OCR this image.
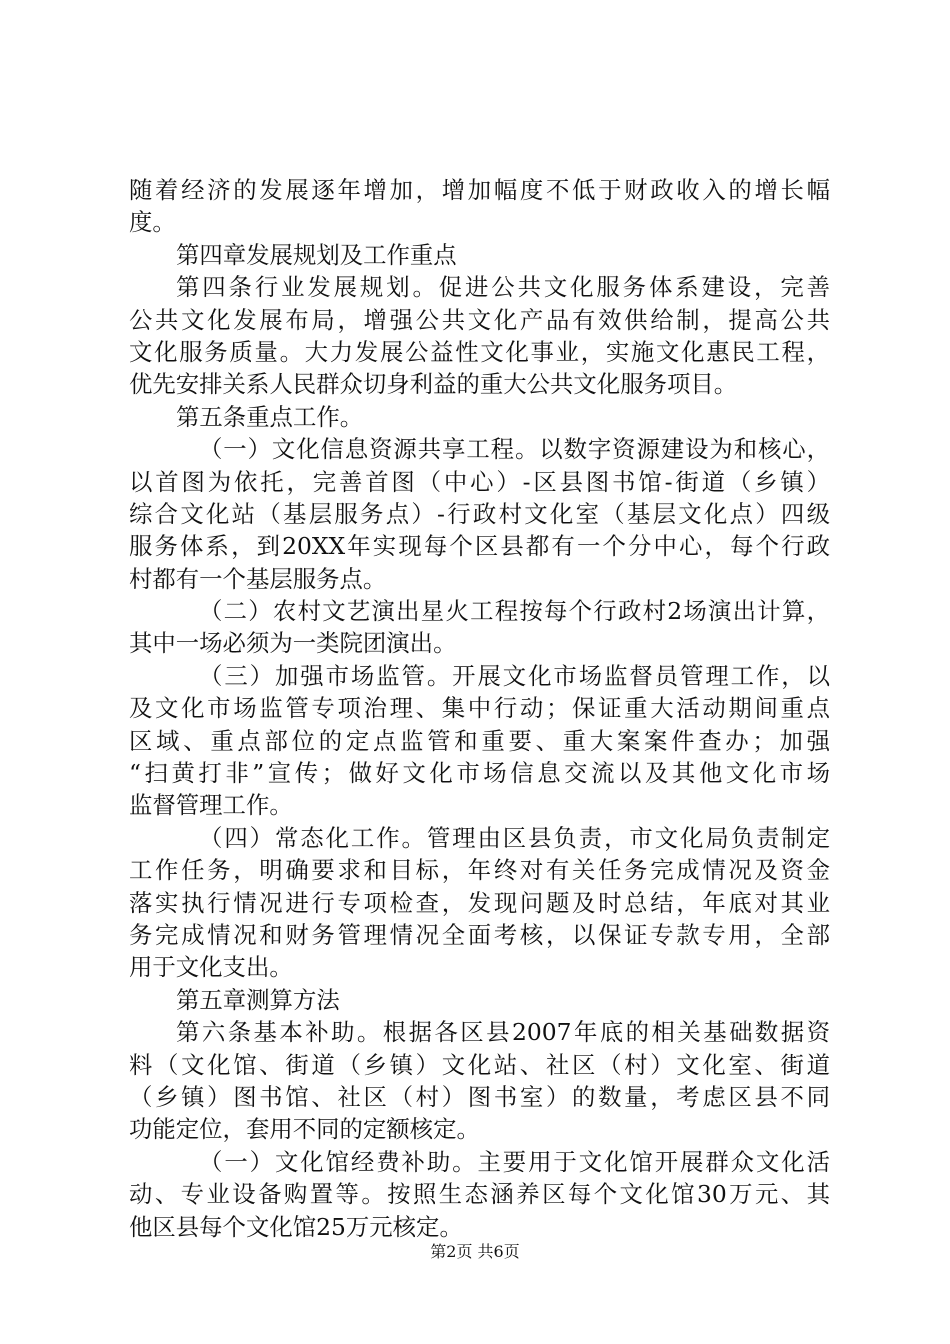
随着经济的发展逐年增加，增加幅度不低于财政收入的增长幅
度。
第四章发展规划及工作重点
第四条行业发展规划。促进公共文化服务体系建设，完善
公共文化发展布局，增强公共文化产品有效供给制，提高公共
文化服务质量。大力发展公益性文化事业，实施文化惠民工程，
优先安排关系人民群众切身利益的重大公共文化服务项目。
第五条重点工作。
（一）文化信息资源共享工程。以数字资源建设为和核心，
以首图为依托，完善首图（中心）-区县图书馆-街道（乡镇）
综合文化站（基层服务点）-行政村文化室（基层文化点）四级
服务体系，到20XX年实现每个区县都有一个分中心，每个行政
村都有一个基层服务点。
（二）农村文艺演出星火工程按每个行政村2场演出计算，
其中一场必须为一类院团演出。
（三）加强市场监管。开展文化市场监督员管理工作，以
及文化市场监管专项治理、集中行动；保证重大活动期间重点
区域、重点部位的定点监管和重要、重大案案件查办；加强
“扫黄打非”宣传；做好文化市场信息交流以及其他文化市场
监督管理工作。
（四）常态化工作。管理由区县负责，市文化局负责制定
工作任务，明确要求和目标，年终对有关任务完成情况及资金
落实执行情况进行专项检查，发现问题及时总结，年底对其业
务完成情况和财务管理情况全面考核，以保证专款专用，全部
用于文化支出。
第五章测算方法
第六条基本补助。根据各区县2007年底的相关基础数据资
料（文化馆、街道（乡镇）文化站、社区（村）文化室、街道
（乡镇）图书馆、社区（村）图书室）的数量，考虑区县不同
功能定位，套用不同的定额核定。
（一）文化馆经费补助。主要用于文化馆开展群众文化活
动、专业设备购置等。按照生态涵养区每个文化馆30万元、其
他区县每个文化馆25万元核定。
第2页 共6页
